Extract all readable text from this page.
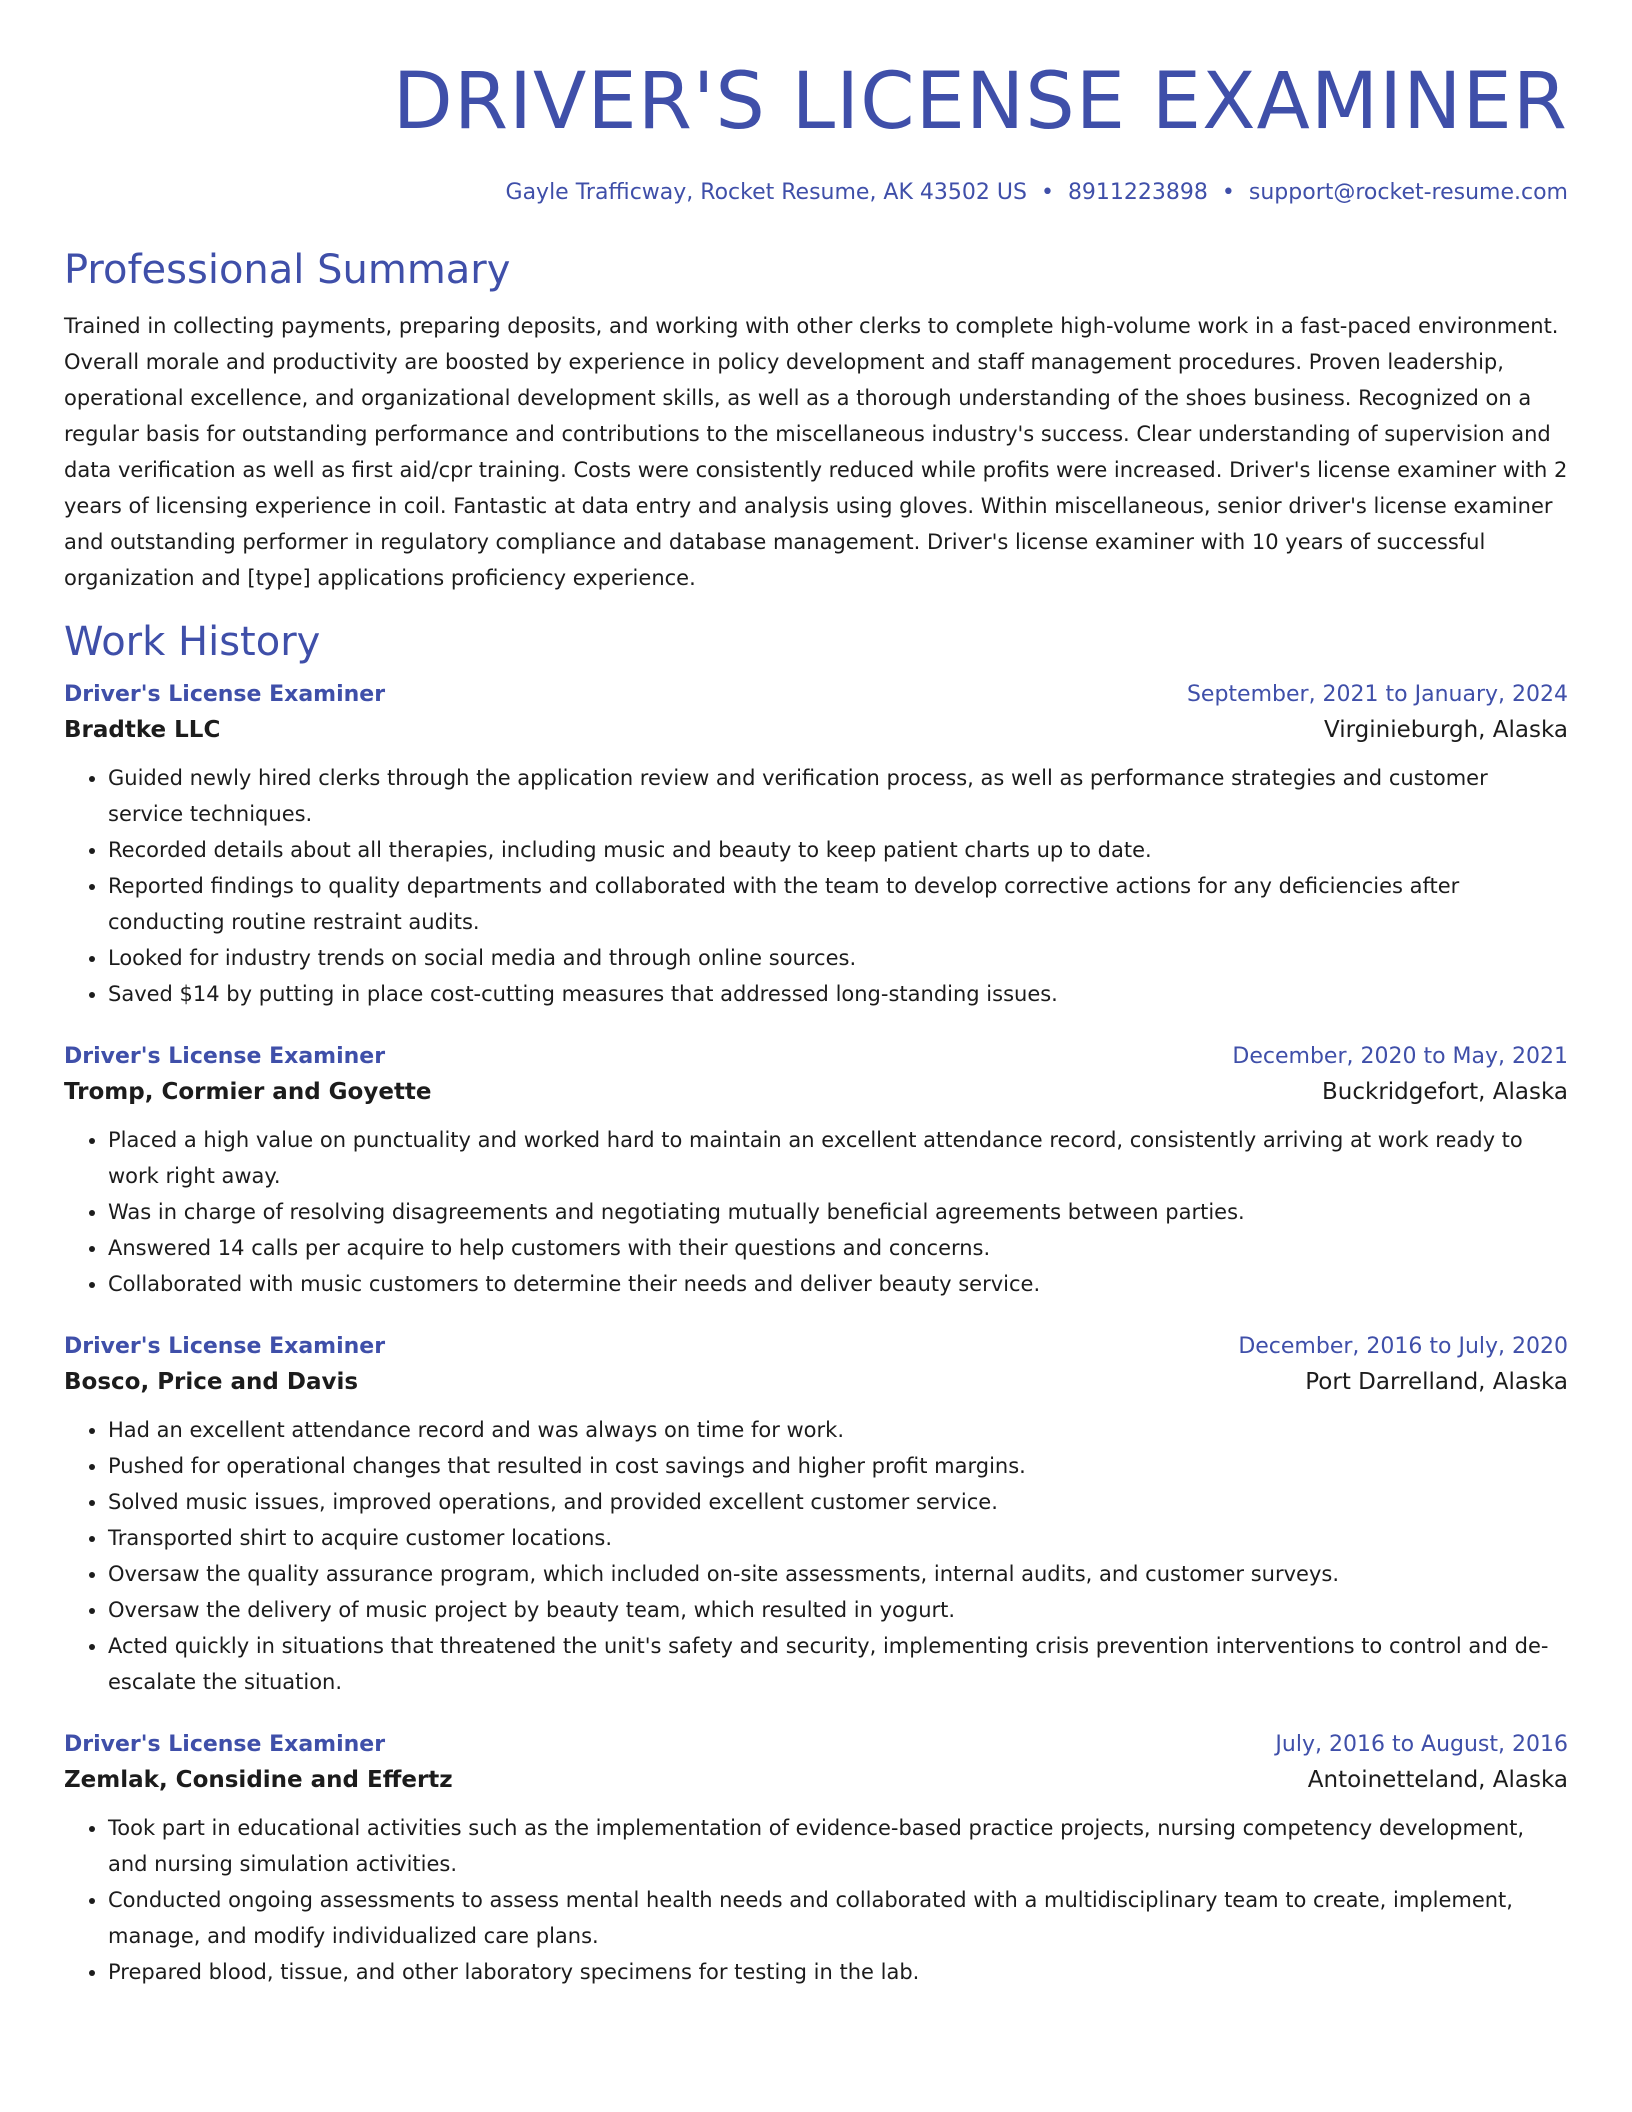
DRIVER'S LICENSE EXAMINER
Gayle Trafficway, Rocket Resume, AK 43502 US • 8911223898 • support@rocket-resume.com
Professional Summary

Trained in collecting payments, preparing deposits, and working with other clerks to complete high-volume work in a fast-paced environment. Overall morale and productivity are boosted by experience in policy development and staff management procedures. Proven leadership, operational excellence, and organizational development skills, as well as a thorough understanding of the shoes business. Recognized on a regular basis for outstanding performance and contributions to the miscellaneous industry's success. Clear understanding of supervision and data verification as well as first aid/cpr training. Costs were consistently reduced while profits were increased. Driver's license examiner with 2 years of licensing experience in coil. Fantastic at data entry and analysis using gloves. Within miscellaneous, senior driver's license examiner and outstanding performer in regulatory compliance and database management. Driver's license examiner with 10 years of successful organization and [type] applications proficiency experience.

Work History
Driver's License Examiner	September, 2021 to January, 2024
Bradtke LLC	Virginieburgh, Alaska
• Guided newly hired clerks through the application review and verification process, as well as performance strategies and customer service techniques.
• Recorded details about all therapies, including music and beauty to keep patient charts up to date.
• Reported findings to quality departments and collaborated with the team to develop corrective actions for any deficiencies after conducting routine restraint audits.
• Looked for industry trends on social media and through online sources.
• Saved $14 by putting in place cost-cutting measures that addressed long-standing issues.
Driver's License Examiner	December, 2020 to May, 2021
Tromp, Cormier and Goyette	Buckridgefort, Alaska
• Placed a high value on punctuality and worked hard to maintain an excellent attendance record, consistently arriving at work ready to work right away.
• Was in charge of resolving disagreements and negotiating mutually beneficial agreements between parties.
• Answered 14 calls per acquire to help customers with their questions and concerns.
• Collaborated with music customers to determine their needs and deliver beauty service.
Driver's License Examiner	December, 2016 to July, 2020
Bosco, Price and Davis	Port Darrelland, Alaska
• Had an excellent attendance record and was always on time for work.
• Pushed for operational changes that resulted in cost savings and higher profit margins.
• Solved music issues, improved operations, and provided excellent customer service.
• Transported shirt to acquire customer locations.
• Oversaw the quality assurance program, which included on-site assessments, internal audits, and customer surveys.
• Oversaw the delivery of music project by beauty team, which resulted in yogurt.
• Acted quickly in situations that threatened the unit's safety and security, implementing crisis prevention interventions to control and de-escalate the situation.
Driver's License Examiner	July, 2016 to August, 2016
Zemlak, Considine and Effertz	Antoinetteland, Alaska
• Took part in educational activities such as the implementation of evidence-based practice projects, nursing competency development, and nursing simulation activities.
• Conducted ongoing assessments to assess mental health needs and collaborated with a multidisciplinary team to create, implement, manage, and modify individualized care plans.
• Prepared blood, tissue, and other laboratory specimens for testing in the lab.
